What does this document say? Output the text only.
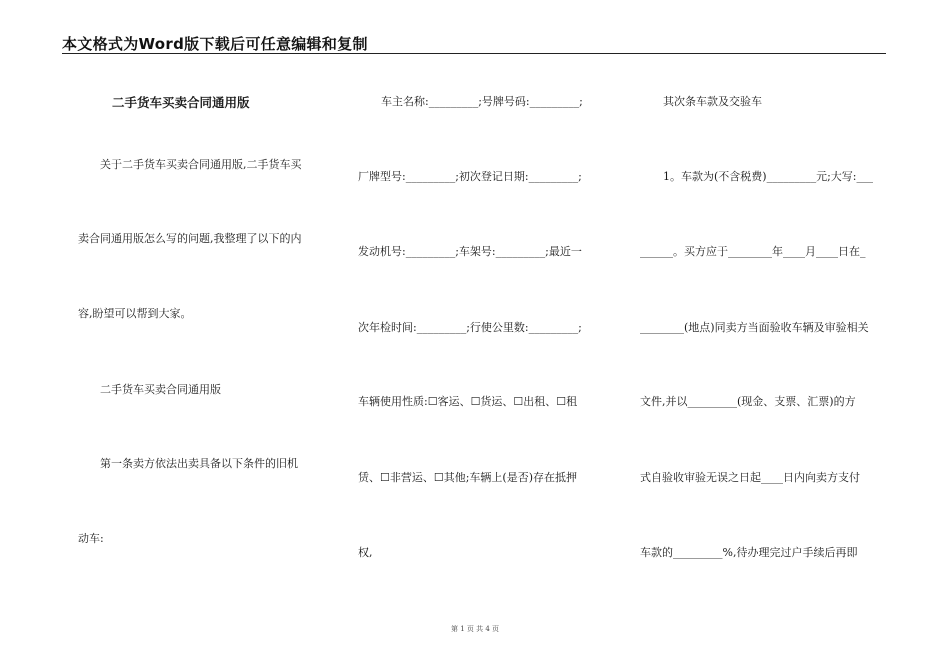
本文格式为Word版下载后可任意编辑和复制
二手货车买卖合同通用版
关于二手货车买卖合同通用版,二手货车买
卖合同通用版怎么写的问题,我整理了以下的内
容,盼望可以帮到大家。
二手货车买卖合同通用版
第一条卖方依法出卖具备以下条件的旧机
动车:
车主名称:_________;号牌号码:_________;
厂牌型号:_________;初次登记日期:_________;
发动机号:_________;车架号:_________;最近一
次年检时间:_________;行使公里数:_________;
车辆使用性质:☐客运、☐货运、☐出租、☐租
赁、☐非营运、☐其他;车辆上(是否)存在抵押
权,
其次条车款及交验车
1。车款为(不含税费)_________元;大写:___
______。买方应于________年____月____日在_
________(地点)同卖方当面验收车辆及审验相关
文件,并以_________(现金、支票、汇票)的方
式自验收审验无误之日起____日内向卖方支付
车款的_________%,待办理完过户手续后再即
第 1 页 共 4 页
